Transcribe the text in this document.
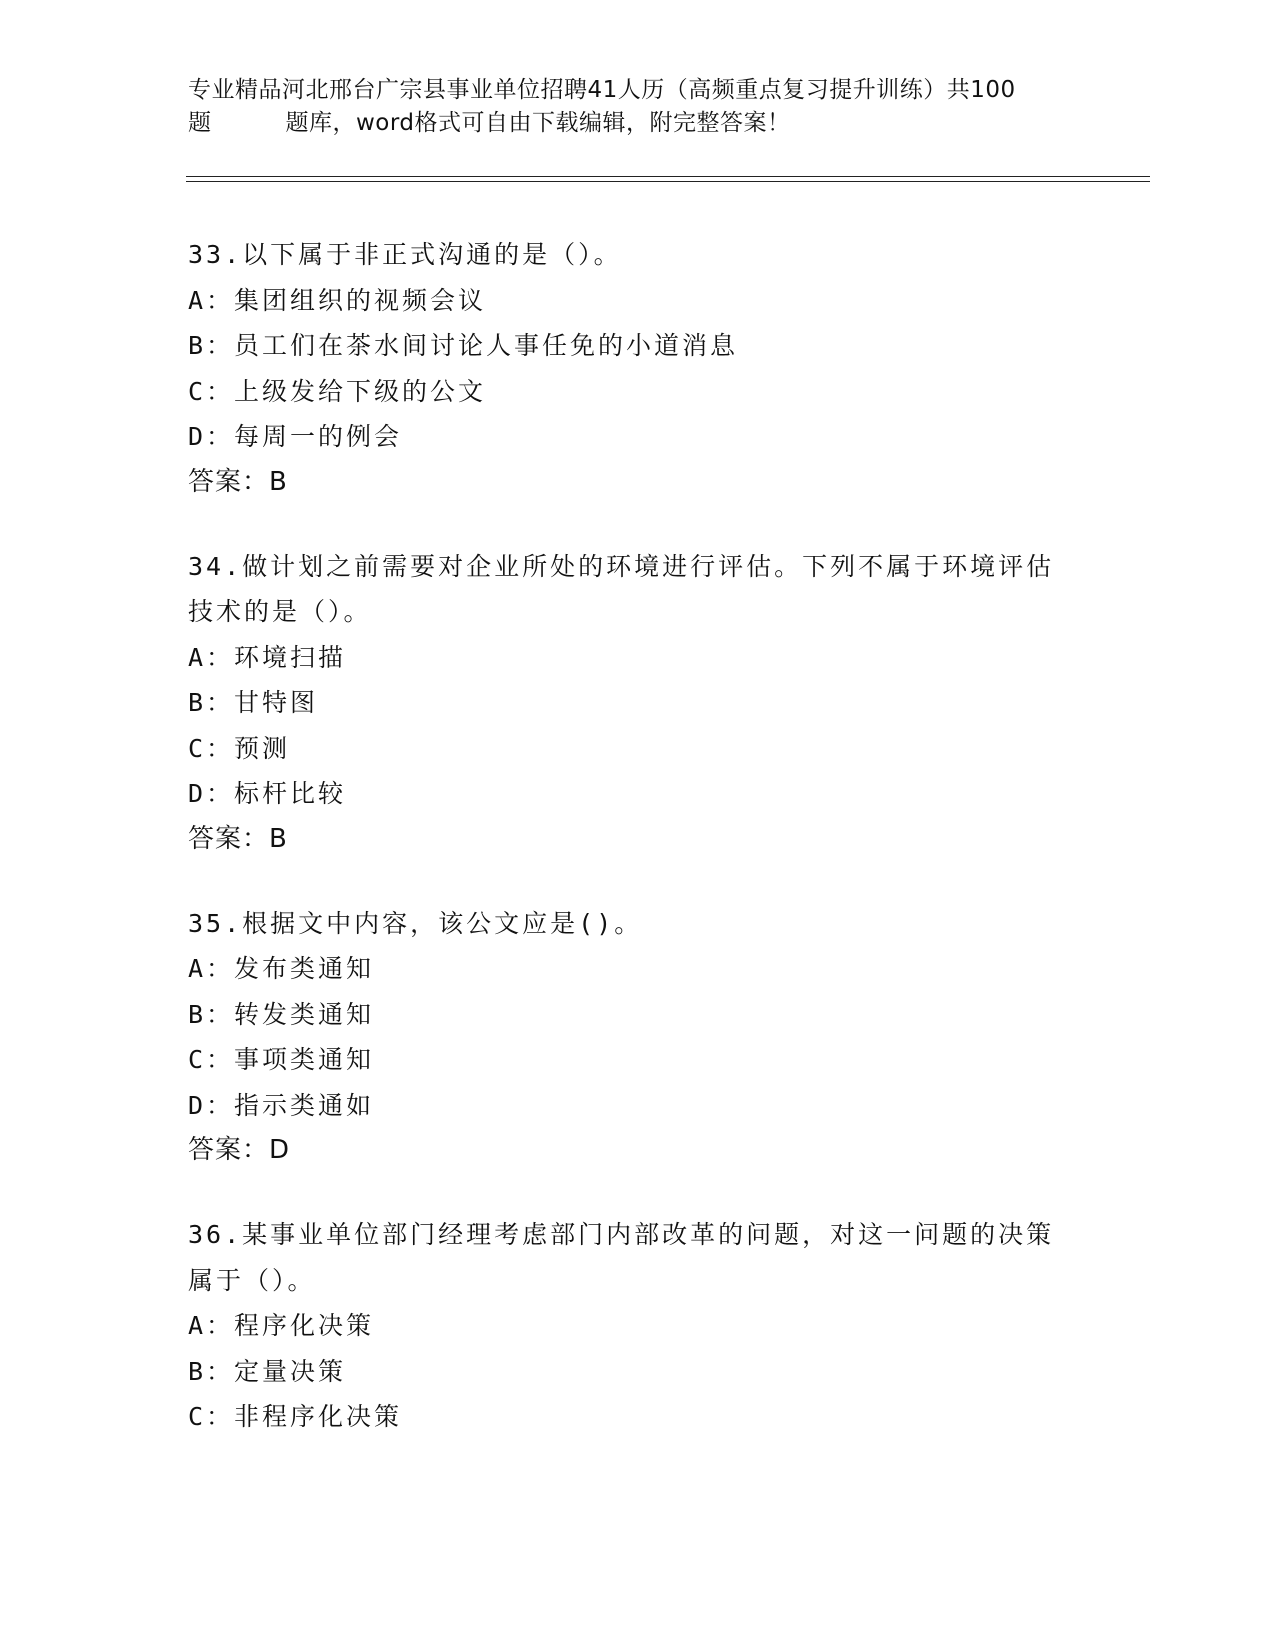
专业精品河北邢台广宗县事业单位招聘41人历（高频重点复习提升训练）共100
题	题库，word格式可自由下载编辑，附完整答案！
33.以下属于非正式沟通的是（）。
A：集团组织的视频会议
B：员工们在茶水间讨论人事任免的小道消息
C：上级发给下级的公文
D：每周一的例会
答案：B
34.做计划之前需要对企业所处的环境进行评估。下列不属于环境评估
技术的是（）。
A：环境扫描
B：甘特图
C：预测
D：标杆比较
答案：B
35.根据文中内容，该公文应是()。
A：发布类通知
B：转发类通知
C：事项类通知
D：指示类通如
答案：D
36.某事业单位部门经理考虑部门内部改革的问题，对这一问题的决策
属于（）。
A：程序化决策
B：定量决策
C：非程序化决策
